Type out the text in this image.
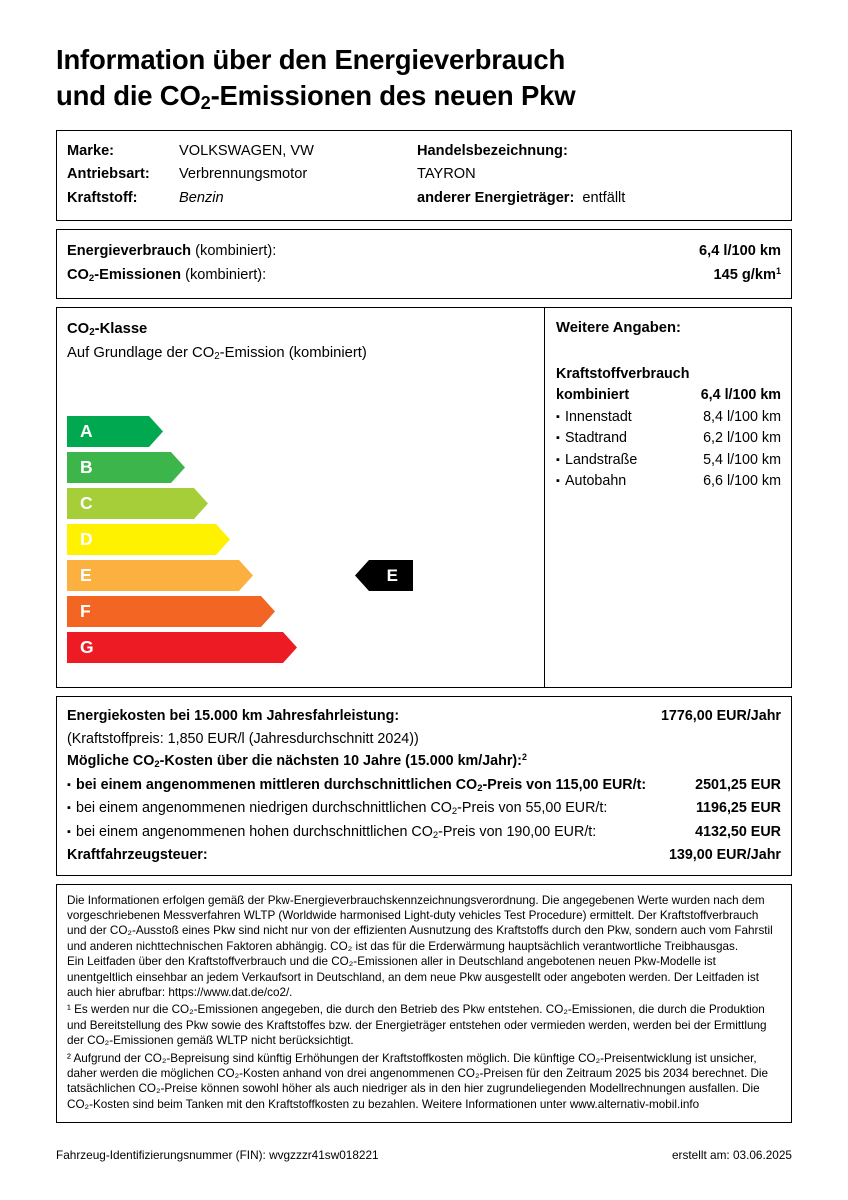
Information über den Energieverbrauch
und die $CO_2$-Emissionen des neuen Pkw
Marke:	VOLKSWAGEN, VW	Handelsbezeichnung:
Antriebsart:	Verbrennungsmotor	TAYRON
Kraftstoff:	Benzin	anderer Energieträger: entfällt
Energieverbrauch (kombiniert):	6,4 l/100 km
$CO_2$-Emissionen (kombiniert):	145 $g/km^1$
$CO_2$-Klasse
Auf Grundlage der $CO_2$-Emission (kombiniert)
A
B
C
D
E	E
F
G
Weitere Angaben:
Kraftstoffverbrauch
kombiniert	6,4 l/100 km
▪ Innenstadt	8,4 l/100 km
▪ Stadtrand	6,2 l/100 km
▪ Landstraße	5,4 l/100 km
▪ Autobahn	6,6 l/100 km
Energiekosten bei 15.000 km Jahresfahrleistung:	1776,00 EUR/Jahr
(Kraftstoffpreis: 1,850 EUR/l (Jahresdurchschnitt 2024))
Mögliche $CO_2$-Kosten über die nächsten 10 Jahre (15.000 km/Jahr):$^2$
▪ bei einem angenommenen mittleren durchschnittlichen $CO_2$-Preis von 115,00 EUR/t:	2501,25 EUR
▪ bei einem angenommenen niedrigen durchschnittlichen $CO_2$-Preis von 55,00 EUR/t:	1196,25 EUR
▪ bei einem angenommenen hohen durchschnittlichen $CO_2$-Preis von 190,00 EUR/t:	4132,50 EUR
Kraftfahrzeugsteuer:	139,00 EUR/Jahr

Die Informationen erfolgen gemäß der Pkw-Energieverbrauchskennzeichnungsverordnung. Die angegebenen Werte wurden nach dem vorgeschriebenen Messverfahren WLTP (Worldwide harmonised Light-duty vehicles Test Procedure) ermittelt. Der Kraftstoffverbrauch und der CO₂-Ausstoß eines Pkw sind nicht nur von der effizienten Ausnutzung des Kraftstoffs durch den Pkw, sondern auch vom Fahrstil und anderen nichttechnischen Faktoren abhängig. CO₂ ist das für die Erderwärmung hauptsächlich verantwortliche Treibhausgas.

Ein Leitfaden über den Kraftstoffverbrauch und die CO₂-Emissionen aller in Deutschland angebotenen neuen Pkw-Modelle ist unentgeltlich einsehbar an jedem Verkaufsort in Deutschland, an dem neue Pkw ausgestellt oder angeboten werden. Der Leitfaden ist auch hier abrufbar: https://www.dat.de/co2/.

¹ Es werden nur die CO₂-Emissionen angegeben, die durch den Betrieb des Pkw entstehen. CO₂-Emissionen, die durch die Produktion und Bereitstellung des Pkw sowie des Kraftstoffes bzw. der Energieträger entstehen oder vermieden werden, werden bei der Ermittlung der CO₂-Emissionen gemäß WLTP nicht berücksichtigt.

² Aufgrund der CO₂-Bepreisung sind künftig Erhöhungen der Kraftstoffkosten möglich. Die künftige CO₂-Preisentwicklung ist unsicher, daher werden die möglichen CO₂-Kosten anhand von drei angenommenen CO₂-Preisen für den Zeitraum 2025 bis 2034 berechnet. Die tatsächlichen CO₂-Preise können sowohl höher als auch niedriger als in den hier zugrundeliegenden Modellrechnungen ausfallen. Die CO₂-Kosten sind beim Tanken mit den Kraftstoffkosten zu bezahlen. Weitere Informationen unter www.alternativ-mobil.info

Fahrzeug-Identifizierungsnummer (FIN): wvgzzzr41sw018221	erstellt am: 03.06.2025
